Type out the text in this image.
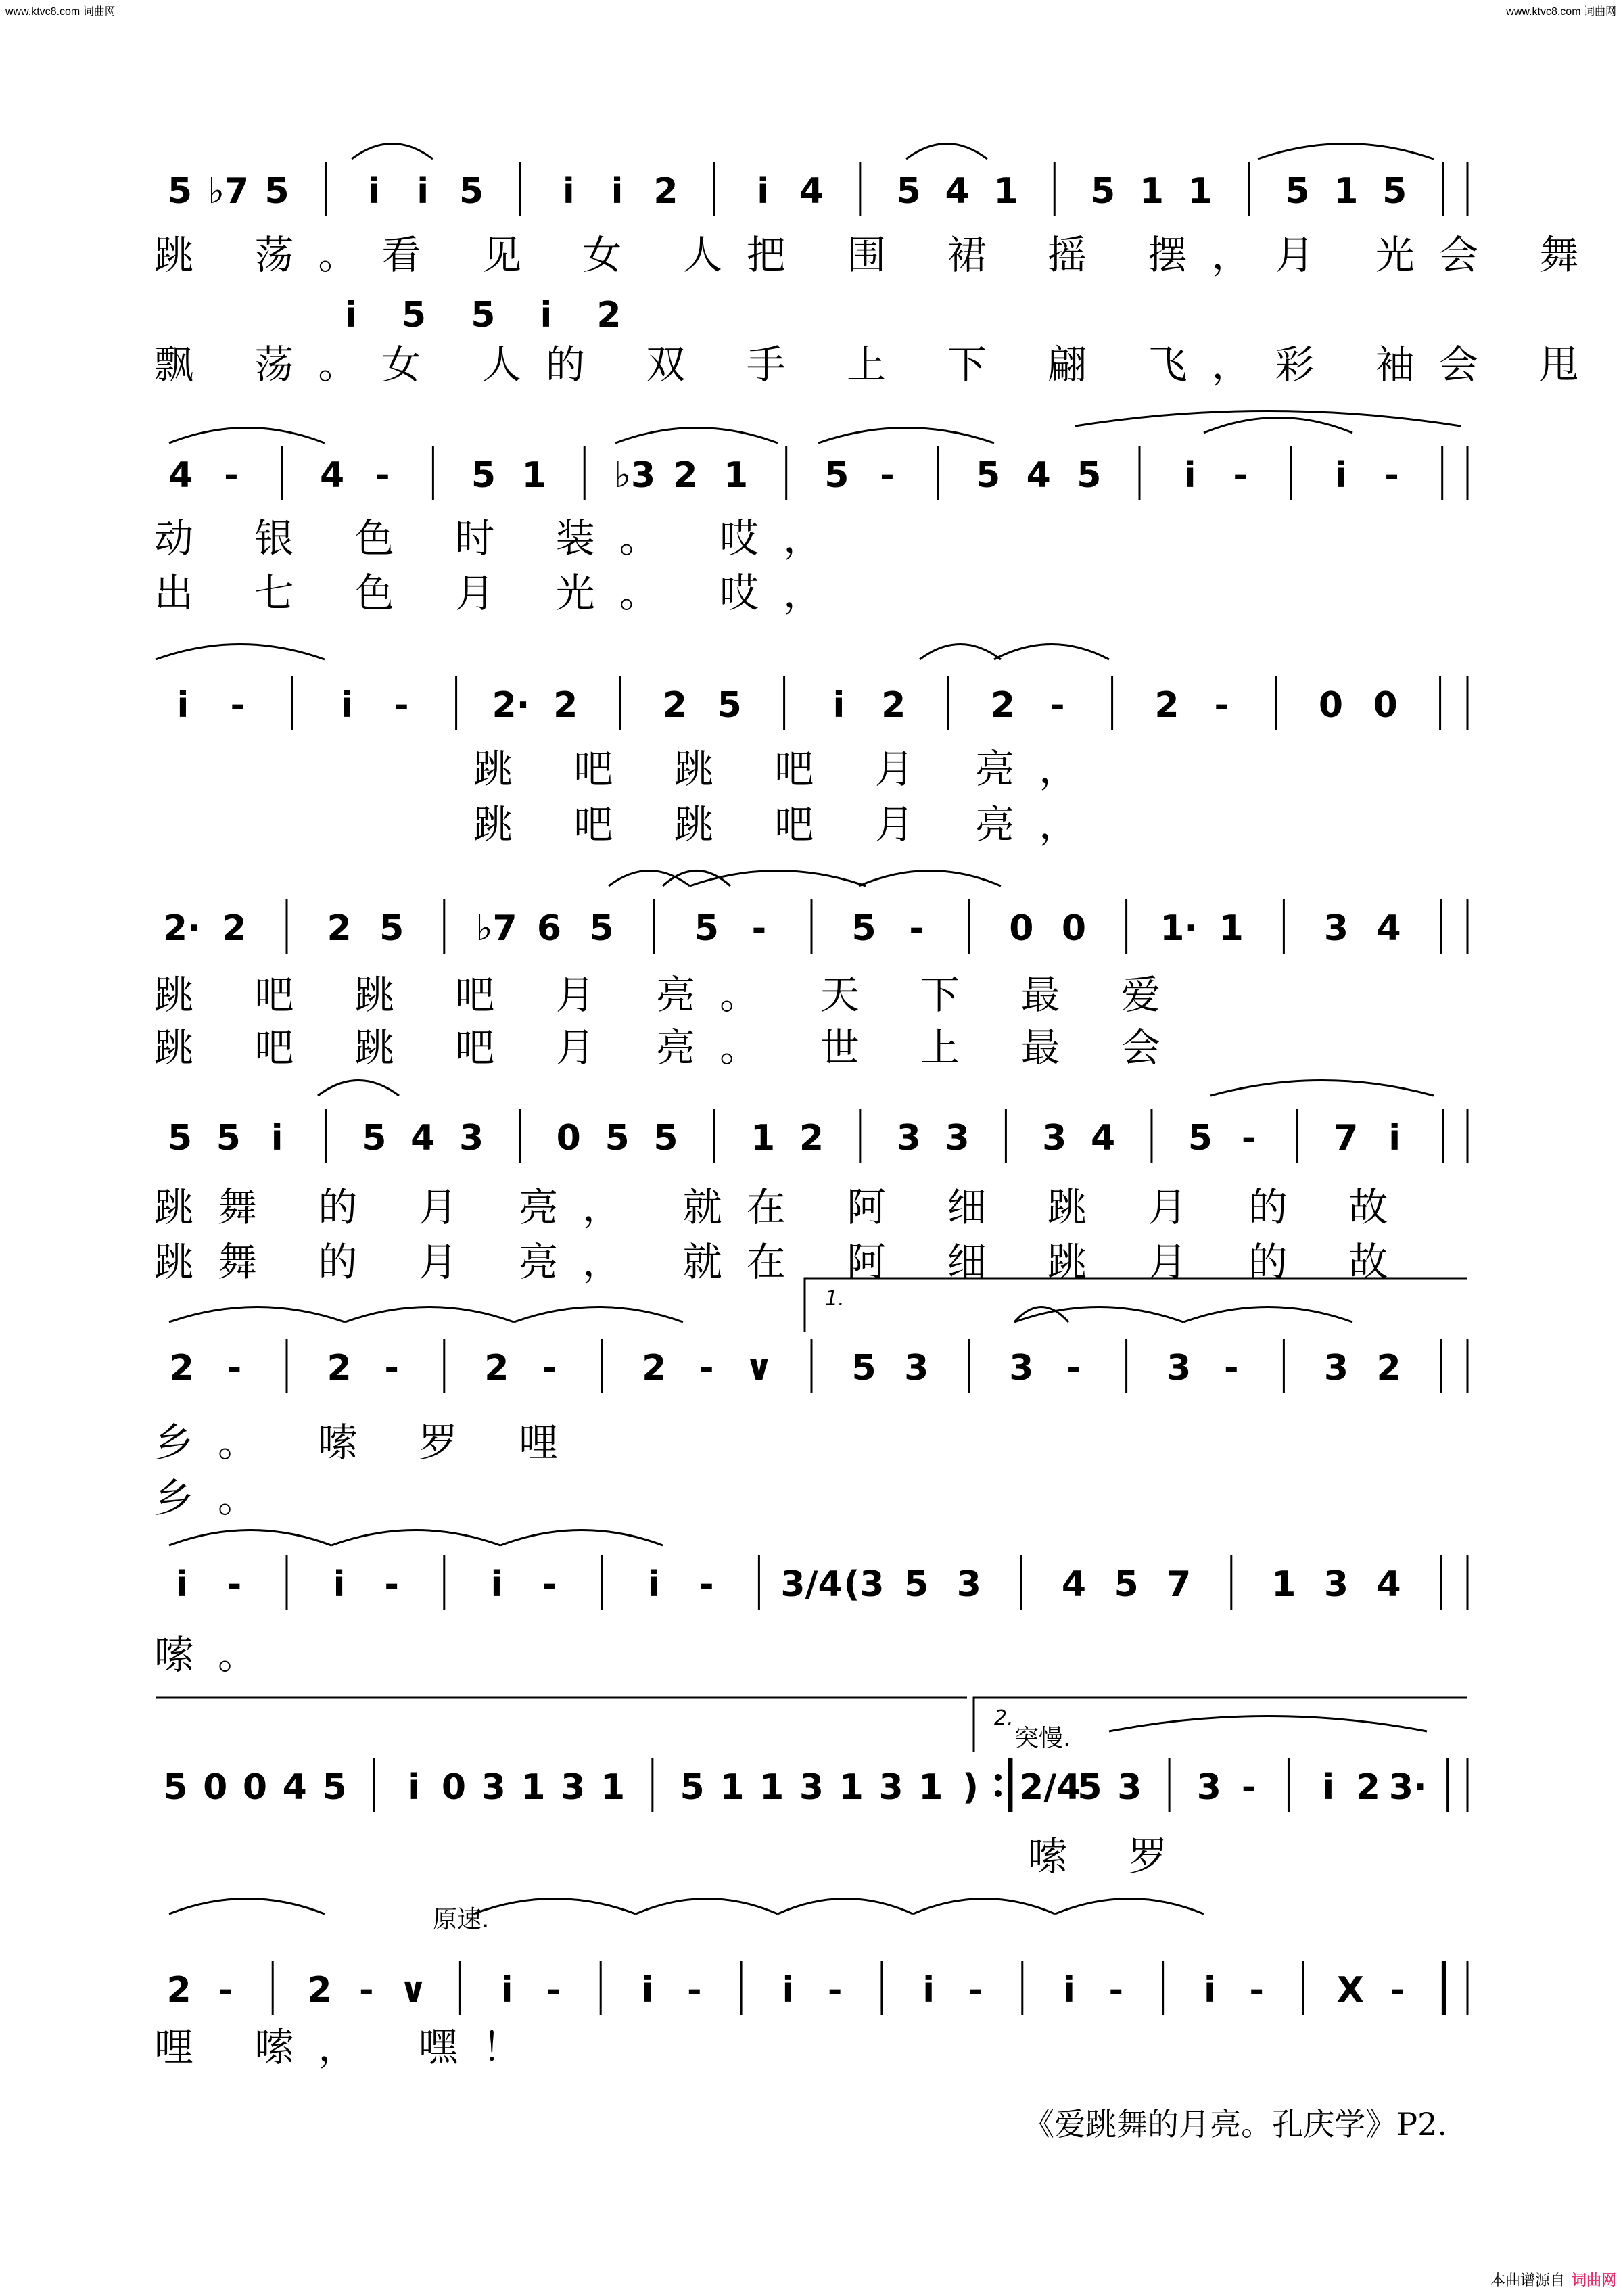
www.ktvc8.com 词曲网	www.ktvc8.com 词曲网
5 ♭7 5 i i 5 i i 2 i 4 5 4 1 5 1 1 5 1 5
4 - 4 - 5 1 ♭3 2 1 5 - 5 4 5 i - i -
i -	i - 2· 2 2 5	i 2 2 -	2 -	0 0
2· 2 2 5 ♭7 6 5 5 - 5 - 0 0 1· 1 3 4
5 5 i 5 4 3 0 5 5 1 2 3 3 3 4 5 - 7 i
2 - 2 - 2 - 2 - ∨ 5 3 3 - 3 - 3 2
1.
i -	i -	i -	i - 3/4 (3 5 3 4 5 7 1 3 4
5 0 0 4 5 i 0 3 1 3 1 5 1 1 3 1 3 1 ) 2/4
5 3 3 - i 2 3·
2.
2 - 2 - ∨ i - i - i - i - i - i - X -
跳 荡。看 见 女 人把 围 裙 摇 摆，月 光会 舞
飘 荡。女 人的 双 手 上 下 翩 飞，彩 袖会 甩
i 5 5 i 2
动 银 色 时 装。 哎，
出 七 色 月 光。 哎，
跳 吧 跳 吧 月 亮，
跳 吧 跳 吧 月 亮，
跳 吧 跳 吧 月 亮。 天 下 最 爱
跳 吧 跳 吧 月 亮。 世 上 最 会
跳舞 的 月 亮， 就在 阿 细 跳 月 的 故
跳舞 的 月 亮， 就在 阿 细 跳 月 的 故
乡。 嗦 罗 哩
乡。
嗦。
突慢.
嗦 罗
原速.
哩 嗦， 嘿！
《爱跳舞的月亮。孔庆学》P2.
本曲谱源自 词曲网
